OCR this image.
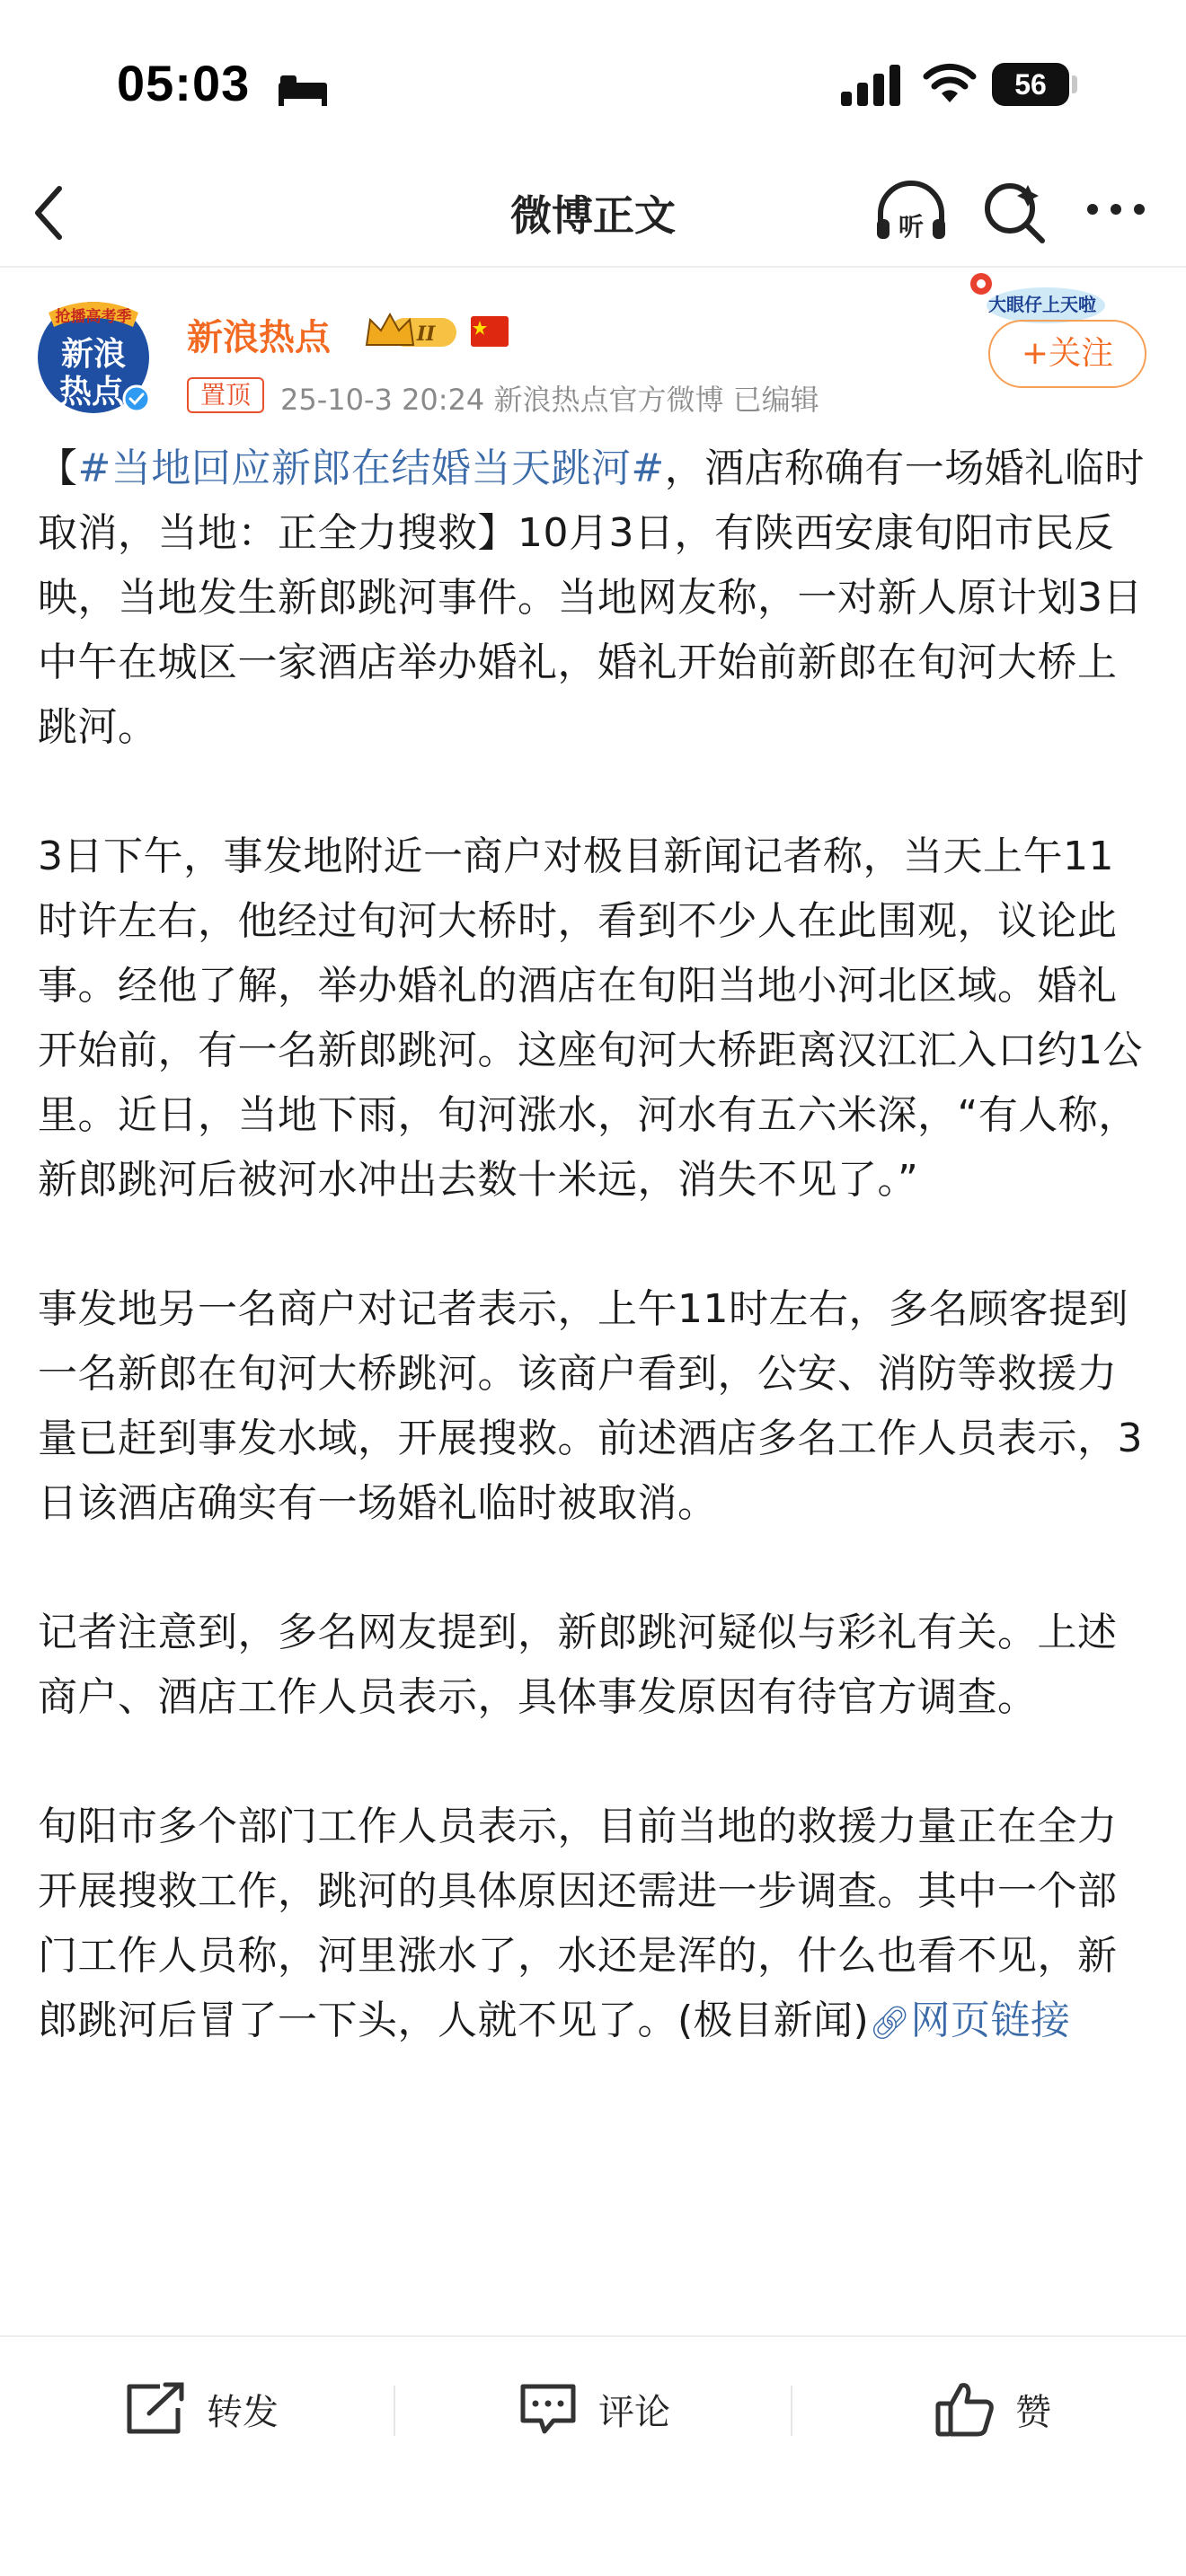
05:03	56
微博正文	听
抢播高考季
新浪
热点
新浪热点	II
置顶	25-10-3 20:24 新浪热点官方微博 已编辑
大眼仔上天啦
+关注

【#当地回应新郎在结婚当天跳河#，酒店称确有一场婚礼临时取消，当地：正全力搜救】10月3日，有陕西安康旬阳市民反映，当地发生新郎跳河事件。当地网友称，一对新人原计划3日中午在城区一家酒店举办婚礼，婚礼开始前新郎在旬河大桥上跳河。

3日下午，事发地附近一商户对极目新闻记者称，当天上午11时许左右，他经过旬河大桥时，看到不少人在此围观，议论此事。经他了解，举办婚礼的酒店在旬阳当地小河北区域。婚礼开始前，有一名新郎跳河。这座旬河大桥距离汉江汇入口约1公里。近日，当地下雨，旬河涨水，河水有五六米深，“有人称，新郎跳河后被河水冲出去数十米远，消失不见了。”

事发地另一名商户对记者表示，上午11时左右，多名顾客提到一名新郎在旬河大桥跳河。该商户看到，公安、消防等救援力量已赶到事发水域，开展搜救。前述酒店多名工作人员表示，3日该酒店确实有一场婚礼临时被取消。

记者注意到，多名网友提到，新郎跳河疑似与彩礼有关。上述商户、酒店工作人员表示，具体事发原因有待官方调查。

旬阳市多个部门工作人员表示，目前当地的救援力量正在全力开展搜救工作，跳河的具体原因还需进一步调查。其中一个部门工作人员称，河里涨水了，水还是浑的，什么也看不见，新郎跳河后冒了一下头，人就不见了。(极目新闻)🔗︎网页链接

转发	评论	赞
